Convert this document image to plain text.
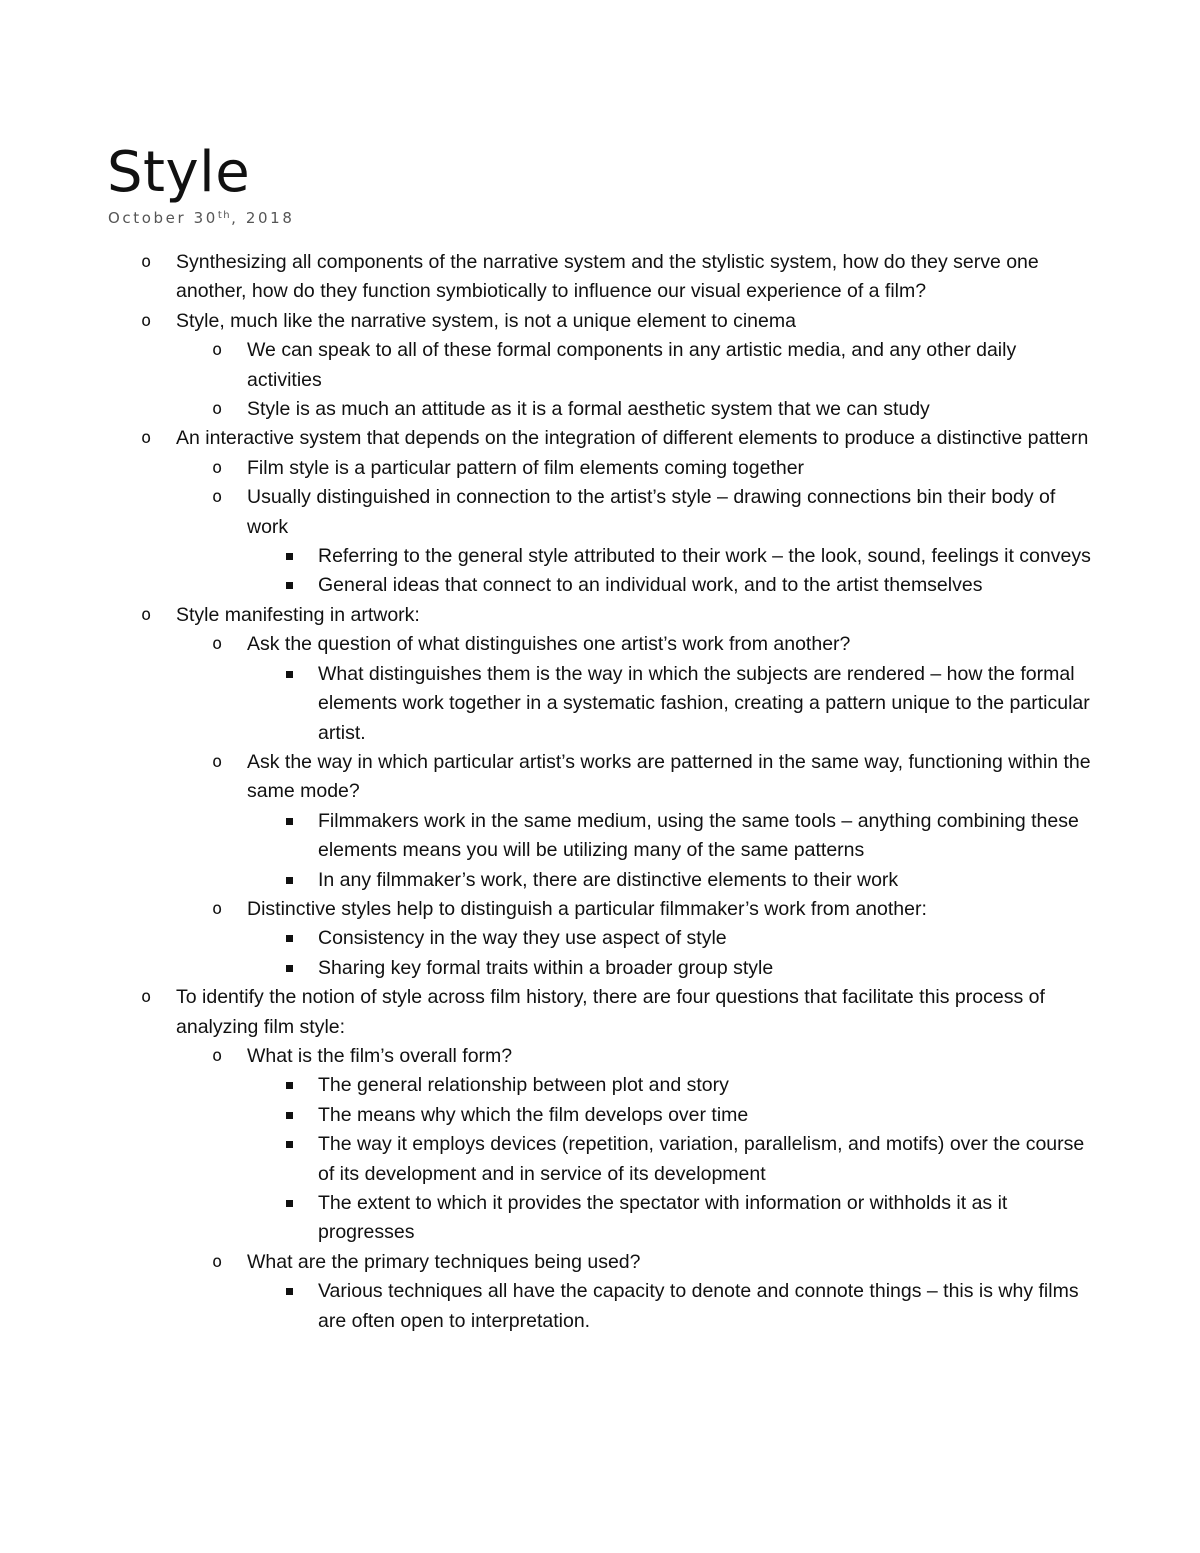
Style
October 30th, 2018
o Synthesizing all components of the narrative system and the stylistic system, how do they serve one another, how do they function symbiotically to influence our visual experience of a film?
o Style, much like the narrative system, is not a unique element to cinema
o We can speak to all of these formal components in any artistic media, and any other daily activities
o Style is as much an attitude as it is a formal aesthetic system that we can study
o An interactive system that depends on the integration of different elements to produce a distinctive pattern
o Film style is a particular pattern of film elements coming together
o Usually distinguished in connection to the artist’s style – drawing connections bin their body of work
Referring to the general style attributed to their work – the look, sound, feelings it conveys
General ideas that connect to an individual work, and to the artist themselves
o Style manifesting in artwork:
o Ask the question of what distinguishes one artist’s work from another?
What distinguishes them is the way in which the subjects are rendered – how the formal elements work together in a systematic fashion, creating a pattern unique to the particular artist.
o Ask the way in which particular artist’s works are patterned in the same way, functioning within the same mode?
Filmmakers work in the same medium, using the same tools – anything combining these elements means you will be utilizing many of the same patterns
In any filmmaker’s work, there are distinctive elements to their work
o Distinctive styles help to distinguish a particular filmmaker’s work from another:
Consistency in the way they use aspect of style
Sharing key formal traits within a broader group style
o To identify the notion of style across film history, there are four questions that facilitate this process of analyzing film style:
o What is the film’s overall form?
The general relationship between plot and story
The means why which the film develops over time
The way it employs devices (repetition, variation, parallelism, and motifs) over the course of its development and in service of its development
The extent to which it provides the spectator with information or withholds it as it progresses
o What are the primary techniques being used?
Various techniques all have the capacity to denote and connote things – this is why films are often open to interpretation.
